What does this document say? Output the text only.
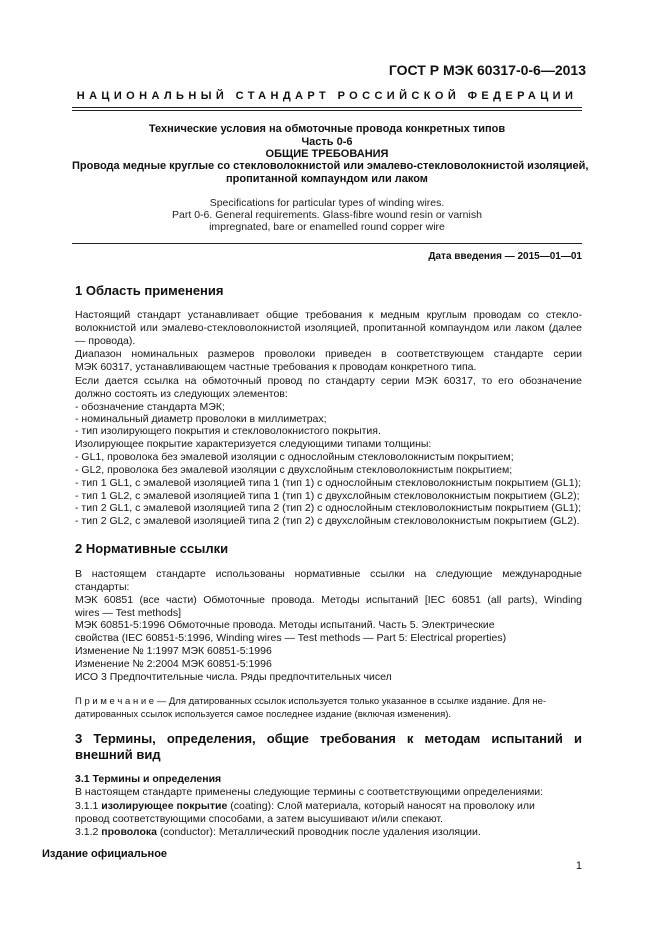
ГОСТ Р МЭК 60317-0-6—2013
НАЦИОНАЛЬНЫЙ СТАНДАРТ РОССИЙСКОЙ ФЕДЕРАЦИИ
Технические условия на обмоточные провода конкретных типов
Часть 0-6
ОБЩИЕ ТРЕБОВАНИЯ
Провода медные круглые со стекловолокнистой или эмалево-стекловолокнистой изоляцией,
пропитанной компаундом или лаком
Specifications for particular types of winding wires.
Part 0-6. General requirements. Glass-fibre wound resin or varnish
impregnated, bare or enamelled round copper wire
Дата введения — 2015—01—01
1 Область применения
Настоящий стандарт устанавливает общие требования к медным круглым проводам со стекло-
волокнистой или эмалево-стекловолокнистой изоляцией, пропитанной компаундом или лаком (далее
— провода).
Диапазон номинальных размеров проволоки приведен в соответствующем стандарте серии
МЭК 60317, устанавливающем частные требования к проводам конкретного типа.
Если дается ссылка на обмоточный провод по стандарту серии МЭК 60317, то его обозначение
должно состоять из следующих элементов:
- обозначение стандарта МЭК;
- номинальный диаметр проволоки в миллиметрах;
- тип изолирующего покрытия и стекловолокнистого покрытия.
Изолирующее покрытие характеризуется следующими типами толщины:
- GL1, проволока без эмалевой изоляции с однослойным стекловолокнистым покрытием;
- GL2, проволока без эмалевой изоляции с двухслойным стекловолокнистым покрытием;
- тип 1 GL1, с эмалевой изоляцией типа 1 (тип 1) с однослойным стекловолокнистым покрытием (GL1);
- тип 1 GL2, с эмалевой изоляцией типа 1 (тип 1) с двухслойным стекловолокнистым покрытием (GL2);
- тип 2 GL1, с эмалевой изоляцией типа 2 (тип 2) с однослойным стекловолокнистым покрытием (GL1);
- тип 2 GL2, с эмалевой изоляцией типа 2 (тип 2) с двухслойным стекловолокнистым покрытием (GL2).
2 Нормативные ссылки
В настоящем стандарте использованы нормативные ссылки на следующие международные
стандарты:
МЭК 60851 (все части) Обмоточные провода. Методы испытаний [IEC 60851 (all parts), Winding
wires — Test methods]
МЭК 60851-5:1996 Обмоточные провода. Методы испытаний. Часть 5. Электрические
свойства (IEC 60851-5:1996, Winding wires — Test methods — Part 5: Electrical properties)
Изменение № 1:1997 МЭК 60851-5:1996
Изменение № 2:2004 МЭК 60851-5:1996
ИСО 3 Предпочтительные числа. Ряды предпочтительных чисел
П р и м е ч а н и е — Для датированных ссылок используется только указанное в ссылке издание. Для не-
датированных ссылок используется самое последнее издание (включая изменения).
3 Термины, определения, общие требования к методам испытаний и
внешний вид
3.1 Термины и определения
В настоящем стандарте применены следующие термины с соответствующими определениями:
3.1.1 изолирующее покрытие (coating): Слой материала, который наносят на проволоку или
провод соответствующими способами, а затем высушивают и/или спекают.
3.1.2 проволока (conductor): Металлический проводник после удаления изоляции.
Издание официальное
1
